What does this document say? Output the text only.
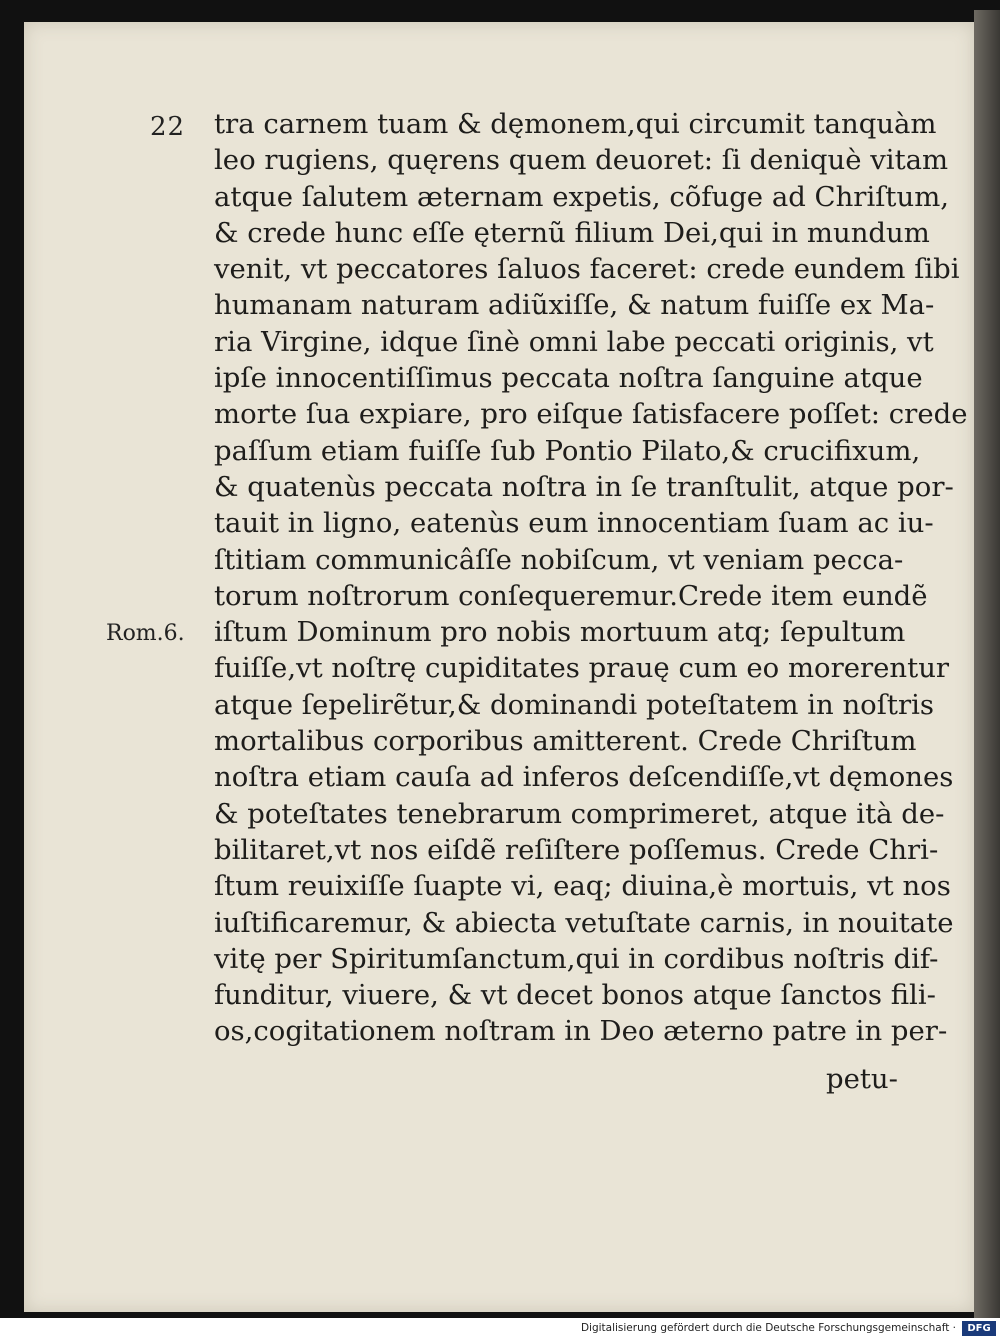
22
Rom.6.
tra carnem tuam & dęmonem,qui circumit tanquàm
leo rugiens, quęrens quem deuoret: ſi deniquè vitam
atque ſalutem æternam expetis, cõfuge ad Chriſtum,
& crede hunc eſſe ęternũ filium Dei,qui in mundum
venit, vt peccatores ſaluos faceret: crede eundem ſibi
humanam naturam adiũxiſſe, & natum fuiſſe ex Ma-
ria Virgine, idque ſinè omni labe peccati originis, vt
ipſe innocentiſſimus peccata noſtra ſanguine atque
morte ſua expiare, pro eiſque ſatisfacere poſſet: crede
paſſum etiam fuiſſe ſub Pontio Pilato,& crucifixum,
& quatenùs peccata noſtra in ſe tranſtulit, atque por-
tauit in ligno, eatenùs eum innocentiam ſuam ac iu-
ſtitiam communicâſſe nobiſcum, vt veniam pecca-
torum noſtrorum conſequeremur.Crede item eundẽ
iſtum Dominum pro nobis mortuum atq; ſepultum
fuiſſe,vt noſtrę cupiditates prauę cum eo morerentur
atque ſepelirẽtur,& dominandi poteſtatem in noſtris
mortalibus corporibus amitterent. Crede Chriſtum
noſtra etiam cauſa ad inferos deſcendiſſe,vt dęmones
& poteſtates tenebrarum comprimeret, atque ità de-
bilitaret,vt nos eiſdẽ reſiſtere poſſemus. Crede Chri-
ſtum reuixiſſe ſuapte vi, eaq; diuina,è mortuis, vt nos
iuſtificaremur, & abiecta vetuſtate carnis, in nouitate
vitę per Spiritumſanctum,qui in cordibus noſtris dif-
funditur, viuere, & vt decet bonos atque ſanctos fili-
os,cogitationem noſtram in Deo æterno patre in per-
petu-
Digitalisierung gefördert durch die Deutsche Forschungsgemeinschaft ·	DFG
